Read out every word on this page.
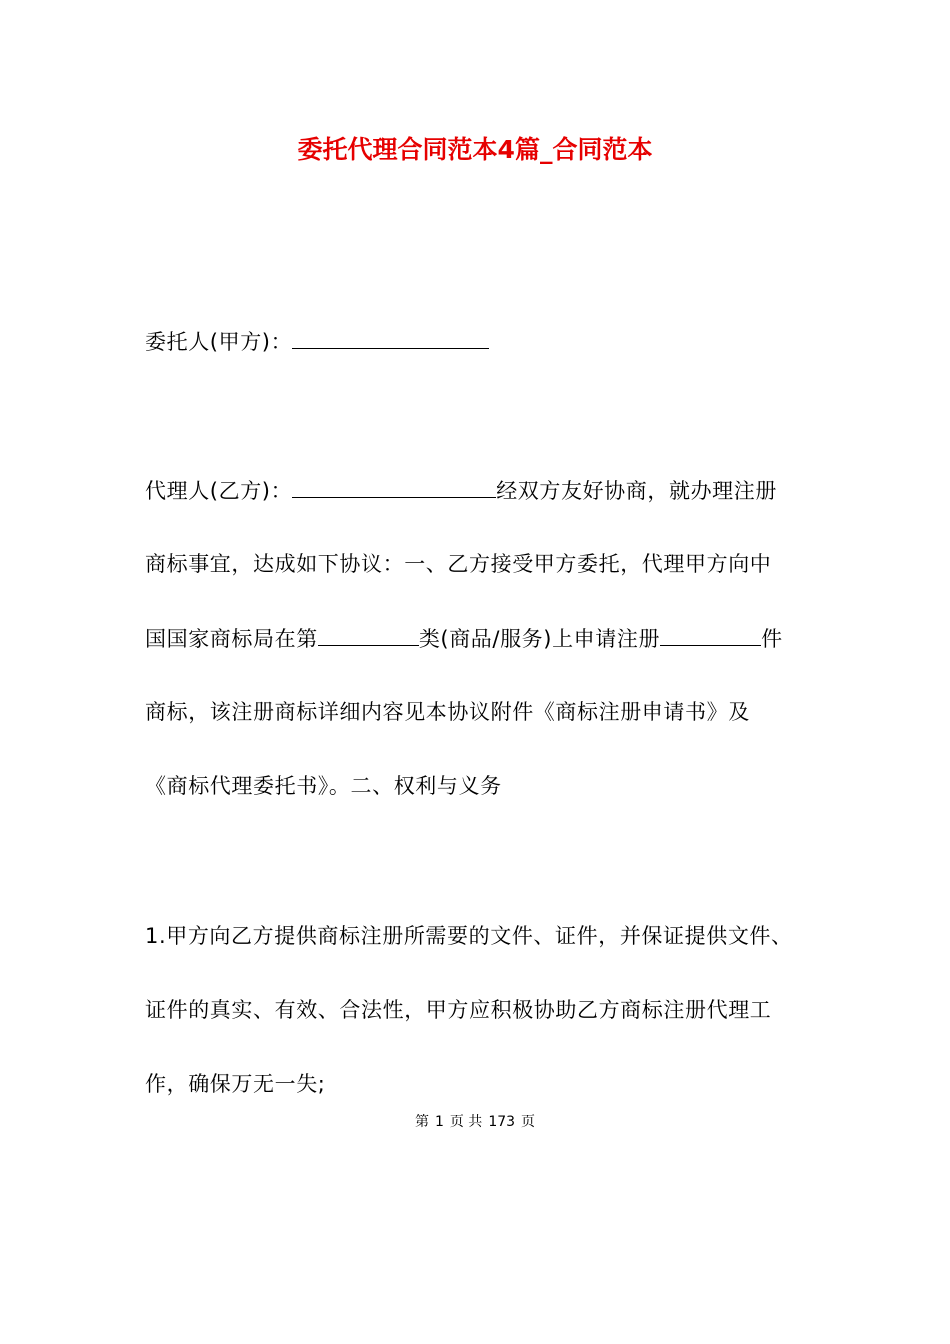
委托代理合同范本4篇_合同范本
委托人(甲方)：
代理人(乙方)：	经双方友好协商，就办理注册
商标事宜，达成如下协议：一、乙方接受甲方委托，代理甲方向中
国国家商标局在第	类(商品/服务)上申请注册	件
商标，该注册商标详细内容见本协议附件《商标注册申请书》及
《商标代理委托书》。二、权利与义务
1.甲方向乙方提供商标注册所需要的文件、证件，并保证提供文件、
证件的真实、有效、合法性，甲方应积极协助乙方商标注册代理工
作，确保万无一失;
第 1 页 共 173 页
